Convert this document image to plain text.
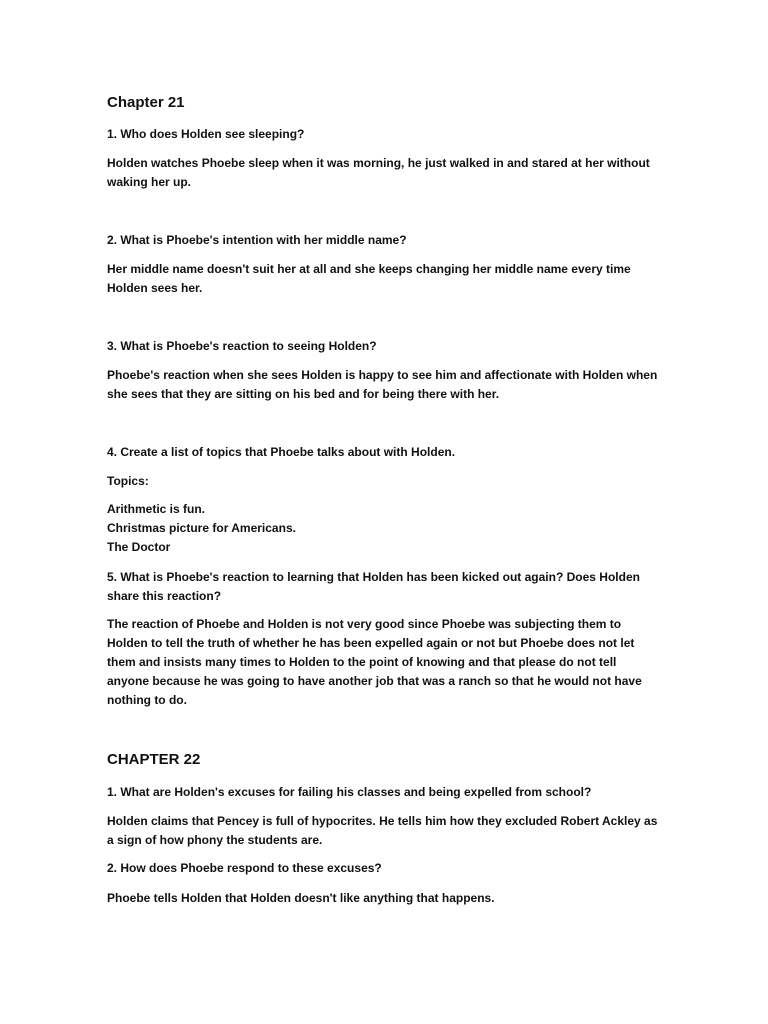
Chapter 21
1. Who does Holden see sleeping?
Holden watches Phoebe sleep when it was morning, he just walked in and stared at her without
waking her up.
2. What is Phoebe's intention with her middle name?
Her middle name doesn't suit her at all and she keeps changing her middle name every time
Holden sees her.
3. What is Phoebe's reaction to seeing Holden?
Phoebe's reaction when she sees Holden is happy to see him and affectionate with Holden when
she sees that they are sitting on his bed and for being there with her.
4. Create a list of topics that Phoebe talks about with Holden.
Topics:
Arithmetic is fun.
Christmas picture for Americans.
The Doctor
5. What is Phoebe's reaction to learning that Holden has been kicked out again? Does Holden
share this reaction?
The reaction of Phoebe and Holden is not very good since Phoebe was subjecting them to
Holden to tell the truth of whether he has been expelled again or not but Phoebe does not let
them and insists many times to Holden to the point of knowing and that please do not tell
anyone because he was going to have another job that was a ranch so that he would not have
nothing to do.
CHAPTER 22
1. What are Holden's excuses for failing his classes and being expelled from school?
Holden claims that Pencey is full of hypocrites. He tells him how they excluded Robert Ackley as
a sign of how phony the students are.
2. How does Phoebe respond to these excuses?
Phoebe tells Holden that Holden doesn't like anything that happens.
